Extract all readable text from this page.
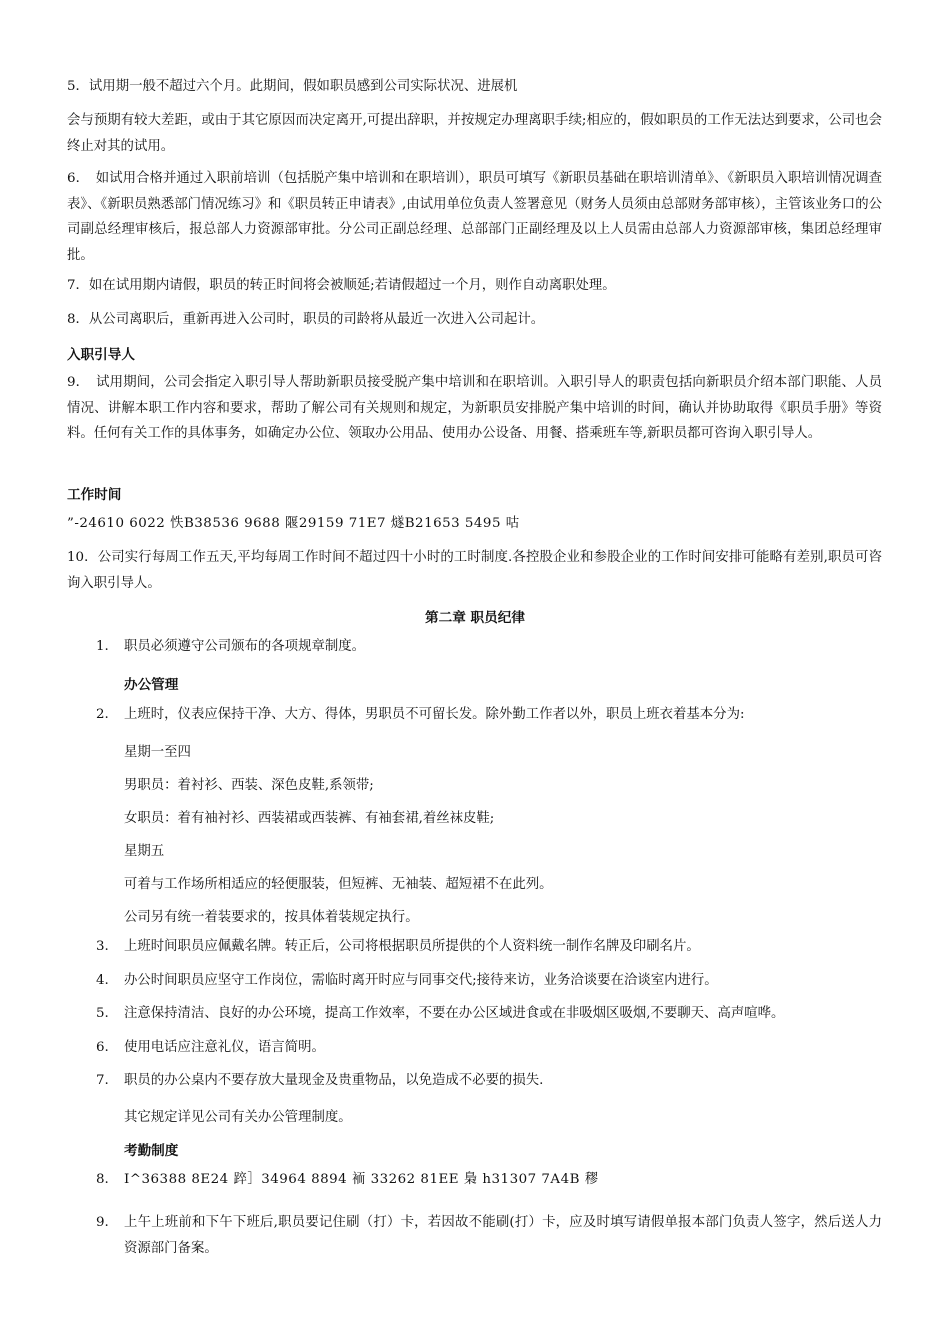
5．试用期一般不超过六个月。此期间，假如职员感到公司实际状况、进展机

会与预期有较大差距，或由于其它原因而决定离开,可提出辞职，并按规定办理离职手续;相应的，假如职员的工作无法达到要求，公司也会终止对其的试用。

6．　如试用合格并通过入职前培训（包括脱产集中培训和在职培训），职员可填写《新职员基础在职培训清单》、《新职员入职培训情况调查表》、《新职员熟悉部门情况练习》和《职员转正申请表》,由试用单位负责人签署意见（财务人员须由总部财务部审核），主管该业务口的公司副总经理审核后，报总部人力资源部审批。分公司正副总经理、总部部门正副经理及以上人员需由总部人力资源部审核，集团总经理审批。

7．如在试用期内请假，职员的转正时间将会被顺延;若请假超过一个月，则作自动离职处理。

8．从公司离职后，重新再进入公司时，职员的司龄将从最近一次进入公司起计。

入职引导人

9．　试用期间，公司会指定入职引导人帮助新职员接受脱产集中培训和在职培训。入职引导人的职责包括向新职员介绍本部门职能、人员情况、讲解本职工作内容和要求，帮助了解公司有关规则和规定，为新职员安排脱产集中培训的时间，确认并协助取得《职员手册》等资料。任何有关工作的具体事务，如确定办公位、领取办公用品、使用办公设备、用餐、搭乘班车等,新职员都可咨询入职引导人。

工作时间

”-24610 6022 怢B38536 9688 隁29159 71E7 燧B21653 5495 咕

10．公司实行每周工作五天,平均每周工作时间不超过四十小时的工时制度.各控股企业和参股企业的工作时间安排可能略有差别,职员可咨询入职引导人。

第二章 职员纪律

1. 职员必须遵守公司颁布的各项规章制度。

办公管理

2. 上班时，仪表应保持干净、大方、得体，男职员不可留长发。除外勤工作者以外，职员上班衣着基本分为:

星期一至四

男职员：着衬衫、西装、深色皮鞋,系领带;

女职员：着有袖衬衫、西装裙或西装裤、有袖套裙,着丝袜皮鞋;

星期五

可着与工作场所相适应的轻便服装，但短裤、无袖装、超短裙不在此列。

公司另有统一着装要求的，按具体着装规定执行。

3. 上班时间职员应佩戴名牌。转正后，公司将根据职员所提供的个人资料统一制作名牌及印刷名片。

4. 办公时间职员应坚守工作岗位，需临时离开时应与同事交代;接待来访，业务洽谈要在洽谈室内进行。

5. 注意保持清洁、良好的办公环境，提高工作效率，不要在办公区域进食或在非吸烟区吸烟,不要聊天、高声喧哗。

6. 使用电话应注意礼仪，语言简明。

7. 职员的办公桌内不要存放大量现金及贵重物品，以免造成不必要的损失.

其它规定详见公司有关办公管理制度。

考勤制度

8. I^36388 8E24 踤］34964 8894 袻 33262 81EE 梟 h31307 7A4B 穋

9. 上午上班前和下午下班后,职员要记住刷（打）卡，若因故不能刷(打）卡，应及时填写请假单报本部门负责人签字，然后送人力资源部门备案。
